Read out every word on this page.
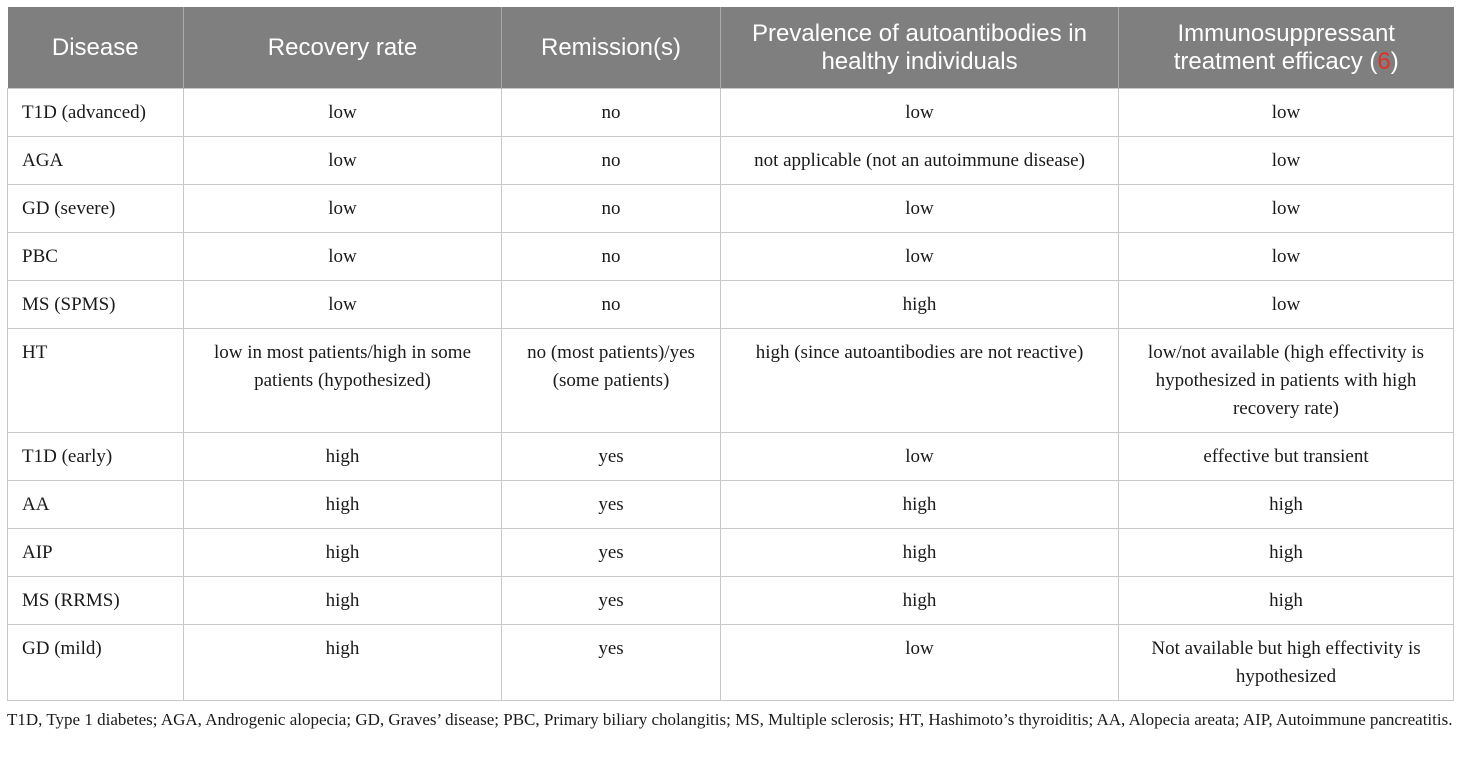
Disease	Recovery rate	Remission(s)	Prevalence of autoantibodies in healthy individuals	Immunosuppressant treatment efficacy (6)
T1D (advanced)	low	no	low	low
AGA	low	no	not applicable (not an autoimmune disease)	low
GD (severe)	low	no	low	low
PBC	low	no	low	low
MS (SPMS)	low	no	high	low
HT	low in most patients/high in some patients (hypothesized)	no (most patients)/yes (some patients)	high (since autoantibodies are not reactive)	low/not available (high effectivity is hypothesized in patients with high recovery rate)
T1D (early)	high	yes	low	effective but transient
AA	high	yes	high	high
AIP	high	yes	high	high
MS (RRMS)	high	yes	high	high
GD (mild)	high	yes	low	Not available but high effectivity is hypothesized
T1D, Type 1 diabetes; AGA, Androgenic alopecia; GD, Graves’ disease; PBC, Primary biliary cholangitis; MS, Multiple sclerosis; HT, Hashimoto’s thyroiditis; AA, Alopecia areata; AIP, Autoimmune pancreatitis.
